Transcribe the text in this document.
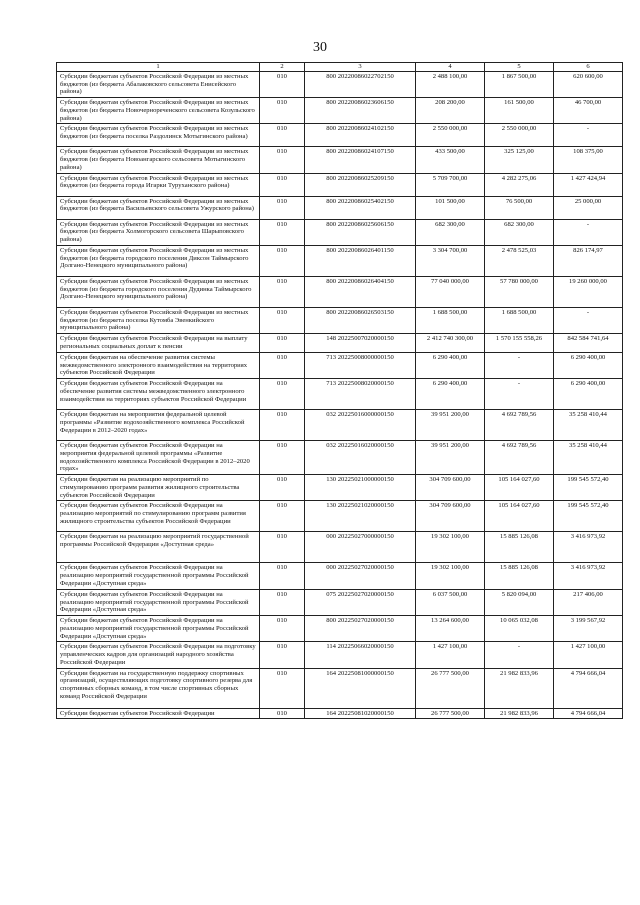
30
1	2	3	4	5	6
Субсидии бюджетам субъектов Российской Федерации из местных бюджетов (из бюджета Абалаковского сельсовета Енисейского района)	010	800 20220086022702150	2 488 100,00	1 867 500,00	620 600,00
Субсидии бюджетам субъектов Российской Федерации из местных бюджетов (из бюджета Новочернореченского сельсовета Козульского района)	010	800 20220086023606150	208 200,00	161 500,00	46 700,00
Субсидии бюджетам субъектов Российской Федерации из местных бюджетов (из бюджета поселка Раздолинск Мотыгинского района)	010	800 20220086024102150	2 550 000,00	2 550 000,00	-
Субсидии бюджетам субъектов Российской Федерации из местных бюджетов (из бюджета Новоангарского сельсовета Мотыгинского района)	010	800 20220086024107150	433 500,00	325 125,00	108 375,00
Субсидии бюджетам субъектов Российской Федерации из местных бюджетов (из бюджета города Игарки Туруханского района)	010	800 20220086025209150	5 709 700,00	4 282 275,06	1 427 424,94
Субсидии бюджетам субъектов Российской Федерации из местных бюджетов (из бюджета Васильевского сельсовета Ужурского района)	010	800 20220086025402150	101 500,00	76 500,00	25 000,00
Субсидии бюджетам субъектов Российской Федерации из местных бюджетов (из бюджета Холмогорского сельсовета Шарыповского района)	010	800 20220086025606150	682 300,00	682 300,00	-
Субсидии бюджетам субъектов Российской Федерации из местных бюджетов (из бюджета городского поселения Диксон Таймырского Долгано-Ненецкого муниципального района)	010	800 20220086026401150	3 304 700,00	2 478 525,03	826 174,97
Субсидии бюджетам субъектов Российской Федерации из местных бюджетов (из бюджета городского поселения Дудинка Таймырского Долгано-Ненецкого муниципального района)	010	800 20220086026404150	77 040 000,00	57 780 000,00	19 260 000,00
Субсидии бюджетам субъектов Российской Федерации из местных бюджетов (из бюджета поселка Кутомба Эвенкийского муниципального района)	010	800 20220086026503150	1 688 500,00	1 688 500,00	-
Субсидии бюджетам субъектов Российской Федерации на выплату региональных социальных доплат к пенсии	010	148 20225007020000150	2 412 740 300,00	1 570 155 558,26	842 584 741,64
Субсидии бюджетам на обеспечение развития системы межведомственного электронного взаимодействия на территориях субъектов Российской Федерации	010	713 20225008000000150	6 290 400,00	-	6 290 400,00
Субсидии бюджетам субъектов Российской Федерации на обеспечение развития системы межведомственного электронного взаимодействия на территориях субъектов Российской Федерации	010	713 20225008020000150	6 290 400,00	-	6 290 400,00
Субсидии бюджетам на мероприятия федеральной целевой программы «Развитие водохозяйственного комплекса Российской Федерации в 2012–2020 годах»	010	032 20225016000000150	39 951 200,00	4 692 789,56	35 258 410,44
Субсидии бюджетам субъектов Российской Федерации на мероприятия федеральной целевой программы «Развитие водохозяйственного комплекса Российской Федерации в 2012–2020 годах»	010	032 20225016020000150	39 951 200,00	4 692 789,56	35 258 410,44
Субсидии бюджетам на реализацию мероприятий по стимулированию программ развития жилищного строительства субъектов Российской Федерации	010	130 20225021000000150	304 709 600,00	105 164 027,60	199 545 572,40
Субсидии бюджетам субъектов Российской Федерации на реализацию мероприятий по стимулированию программ развития жилищного строительства субъектов Российской Федерации	010	130 20225021020000150	304 709 600,00	105 164 027,60	199 545 572,40
Субсидии бюджетам на реализацию мероприятий государственной программы Российской Федерации «Доступная среда»	010	000 20225027000000150	19 302 100,00	15 885 126,08	3 416 973,92
Субсидии бюджетам субъектов Российской Федерации на реализацию мероприятий государственной программы Российской Федерации «Доступная среда»	010	000 20225027020000150	19 302 100,00	15 885 126,08	3 416 973,92
Субсидии бюджетам субъектов Российской Федерации на реализацию мероприятий государственной программы Российской Федерации «Доступная среда»	010	075 20225027020000150	6 037 500,00	5 820 094,00	217 406,00
Субсидии бюджетам субъектов Российской Федерации на реализацию мероприятий государственной программы Российской Федерации «Доступная среда»	010	800 20225027020000150	13 264 600,00	10 065 032,08	3 199 567,92
Субсидии бюджетам субъектов Российской Федерации на подготовку управленческих кадров для организаций народного хозяйства Российской Федерации	010	114 20225066020000150	1 427 100,00	-	1 427 100,00
Субсидии бюджетам на государственную поддержку спортивных организаций, осуществляющих подготовку спортивного резерва для спортивных сборных команд, в том числе спортивных сборных команд Российской Федерации	010	164 20225081000000150	26 777 500,00	21 982 833,96	4 794 666,04
Субсидии бюджетам субъектов Российской Федерации	010	164 20225081020000150	26 777 500,00	21 982 833,96	4 794 666,04
